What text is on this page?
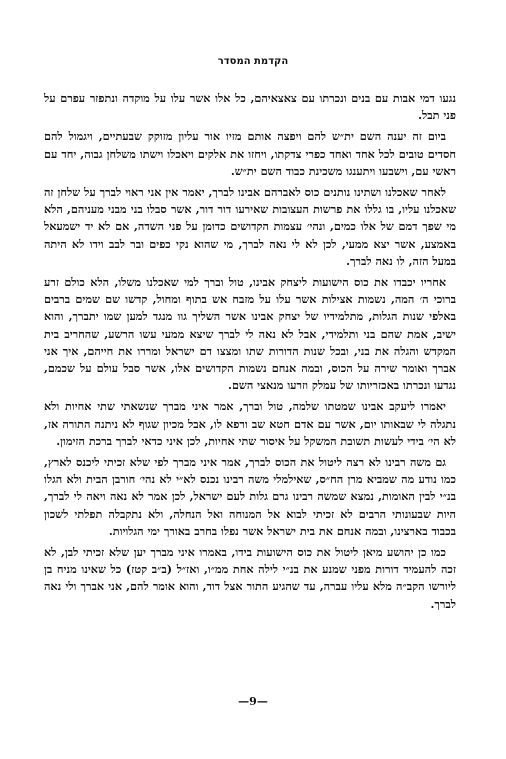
הקדמת המסדר

נגעו דמי אבות עם בנים ונכרתו עם צאצאיהם, כל אלו אשר עלו על מוקדה ונתפזר עפרם על פני תבל.

ביום זה יענה השם ית״ש להם ויפצה אותם מזיו אור עליון מזוקק שבעתיים, ויגמול להם חסדים טובים לכל אחד ואחד כפרי צדקתו, ויחזו את אלקים ויאכלו וישתו משלחן גבוה, יחד עם ראשי עם, וישבעו ויתענגו משכינת כבוד השם ית״ש.

לאחר שאכלנו ושתינו נותנים כוס לאברהם אבינו לברך, יאמר אין אני ראוי לברך על שלחן זה שאכלנו עליו, בו גללו את פרשות העצובות שאירעו דור דור, אשר סבלו בני מבני מעניהם, הלא מי שפך דמם של אלו כמים, ונהי׳ עצמות הקדושים כדומן על פני השדה, אם לא יד ישמעאל באמצע, אשר יצא ממעי, לכן לא לי נאה לברך, מי שהוא נקי כפים ובר לבב וידו לא היתה במעל הזה, לו נאה לברך.

אחריו יכבדו את כוס הישועות ליצחק אבינו, טול וברך למי שאכלנו משלו, הלא כולם זרע ברוכי ה׳ המה, נשמות אצילות אשר עלו על מזבח אש בתוף ומחול, קדשו שם שמים ברבים באלפי שנות הגלות, מתלמידיו של יצחק אבינו אשר השליך גוו מנגד למען שמו יתברך, והוא ישיב, אמת שהם בני ותלמידי, אבל לא נאה לי לברך שיצא ממעי עשו הרשע, שהחריב בית המקדש והגלה את בני, ובכל שנות הדורות שתו ומצצו דם ישראל ומררו את חייהם, איך אני אברך ואומר שירה על הכוס, ובמה אנחם נשמות הקדושים אלו, אשר סבל עולם על שכמם, נגדעו ונכרתו באכזריותו של עמלק וזרעו מנאצי השם.

יאמרו ליעקב אבינו שמטתו שלמה, טול וברך, אמר איני מברך שנשאתי שתי אחיות ולא נתגלה לי שבאותו יום, אשר עם אדם חטא שב ורפא לו, אבל מכיון שגוף לא ניתנה התורה אז, לא הי׳ בידי לעשות תשובת המשקל על איסור שתי אחיות, לכן איני כדאי לברך ברכת הזימון.

גם משה רבינו לא רצה ליטול את הכוס לברך, אמר איני מברך לפי שלא זכיתי ליכנס לארץ, כמו נודע מה שמביא מרן הח״ס, שאילמלי משה רבינו נכנס לא״י לא נהי׳ חורבן הבית ולא הגלו בנ״י לבין האומות, נמצא שמשה רבינו גרם גלות לעם ישראל, לכן אמר לא נאה ויאה לי לברך, היות שבעונותי הרבים לא זכיתי לבוא אל המנוחה ואל הנחלה, ולא נתקבלה תפלתי לשכון בכבוד בארצינו, ובמה אנחם את בית ישראל אשר נפלו בחרב באורך ימי הגלויות.

כמו כן יהושע מיאן ליטול את כוס הישועות בידו, באמרו איני מברך יען שלא זכיתי לבן, לא זכה להעמיד דורות מפני שמנע את בנ״י לילה אחת ממ״ו, ואז״ל (ב״ב קטז) כל שאינו מניח בן ליורשו הקב״ה מלא עליו עברה, עד שהגיע התור אצל דוד, והוא אומר להם, אני אברך ולי נאה לברך.

—9—
